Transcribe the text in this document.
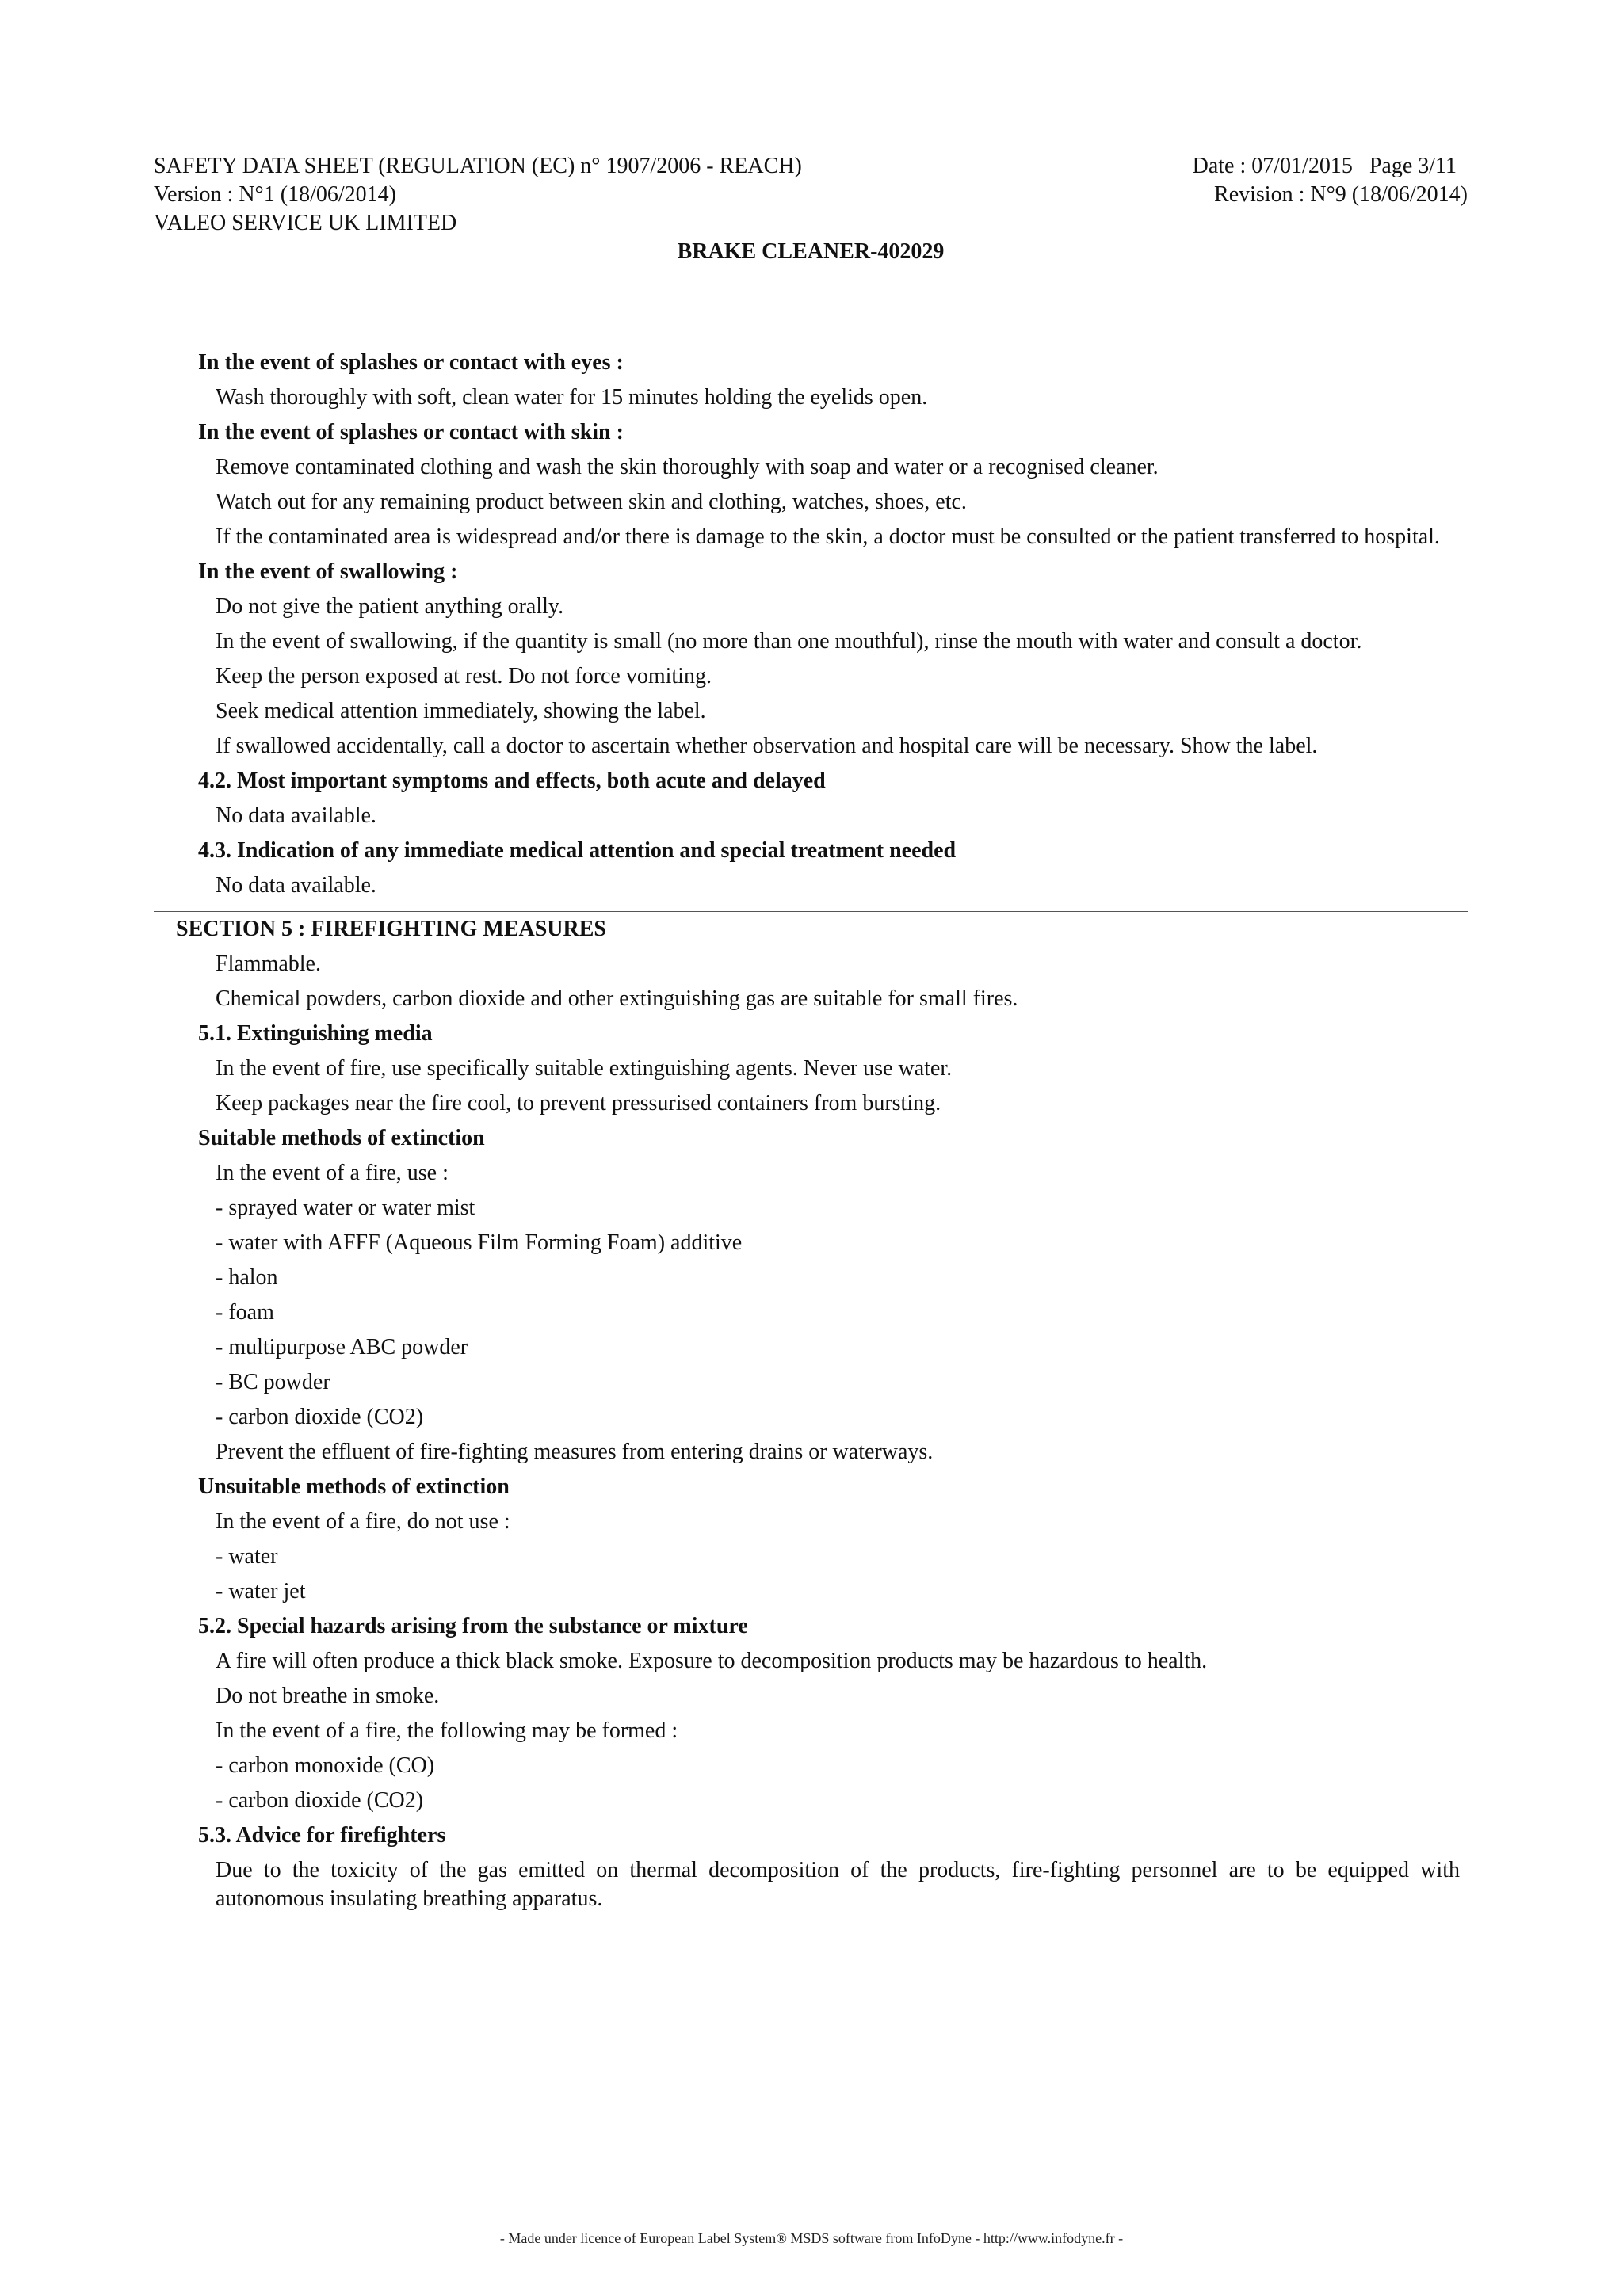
SAFETY DATA SHEET (REGULATION (EC) n° 1907/2006 - REACH)
Version : N°1 (18/06/2014)
VALEO SERVICE UK LIMITED
Date : 07/01/2015 Page 3/11
Revision : N°9 (18/06/2014)
BRAKE CLEANER-402029
In the event of splashes or contact with eyes :
Wash thoroughly with soft, clean water for 15 minutes holding the eyelids open.
In the event of splashes or contact with skin :
Remove contaminated clothing and wash the skin thoroughly with soap and water or a recognised cleaner.
Watch out for any remaining product between skin and clothing, watches, shoes, etc.
If the contaminated area is widespread and/or there is damage to the skin, a doctor must be consulted or the patient transferred to hospital.
In the event of swallowing :
Do not give the patient anything orally.
In the event of swallowing, if the quantity is small (no more than one mouthful), rinse the mouth with water and consult a doctor.
Keep the person exposed at rest. Do not force vomiting.
Seek medical attention immediately, showing the label.
If swallowed accidentally, call a doctor to ascertain whether observation and hospital care will be necessary. Show the label.
4.2. Most important symptoms and effects, both acute and delayed
No data available.
4.3. Indication of any immediate medical attention and special treatment needed
No data available.
SECTION 5 : FIREFIGHTING MEASURES
Flammable.
Chemical powders, carbon dioxide and other extinguishing gas are suitable for small fires.
5.1. Extinguishing media
In the event of fire, use specifically suitable extinguishing agents. Never use water.
Keep packages near the fire cool, to prevent pressurised containers from bursting.
Suitable methods of extinction
In the event of a fire, use :
- sprayed water or water mist
- water with AFFF (Aqueous Film Forming Foam) additive
- halon
- foam
- multipurpose ABC powder
- BC powder
- carbon dioxide (CO2)
Prevent the effluent of fire-fighting measures from entering drains or waterways.
Unsuitable methods of extinction
In the event of a fire, do not use :
- water
- water jet
5.2. Special hazards arising from the substance or mixture
A fire will often produce a thick black smoke. Exposure to decomposition products may be hazardous to health.
Do not breathe in smoke.
In the event of a fire, the following may be formed :
- carbon monoxide (CO)
- carbon dioxide (CO2)
5.3. Advice for firefighters
Due to the toxicity of the gas emitted on thermal decomposition of the products, fire-fighting personnel are to be equipped with autonomous insulating breathing apparatus.
- Made under licence of European Label System® MSDS software from InfoDyne - http://www.infodyne.fr -
